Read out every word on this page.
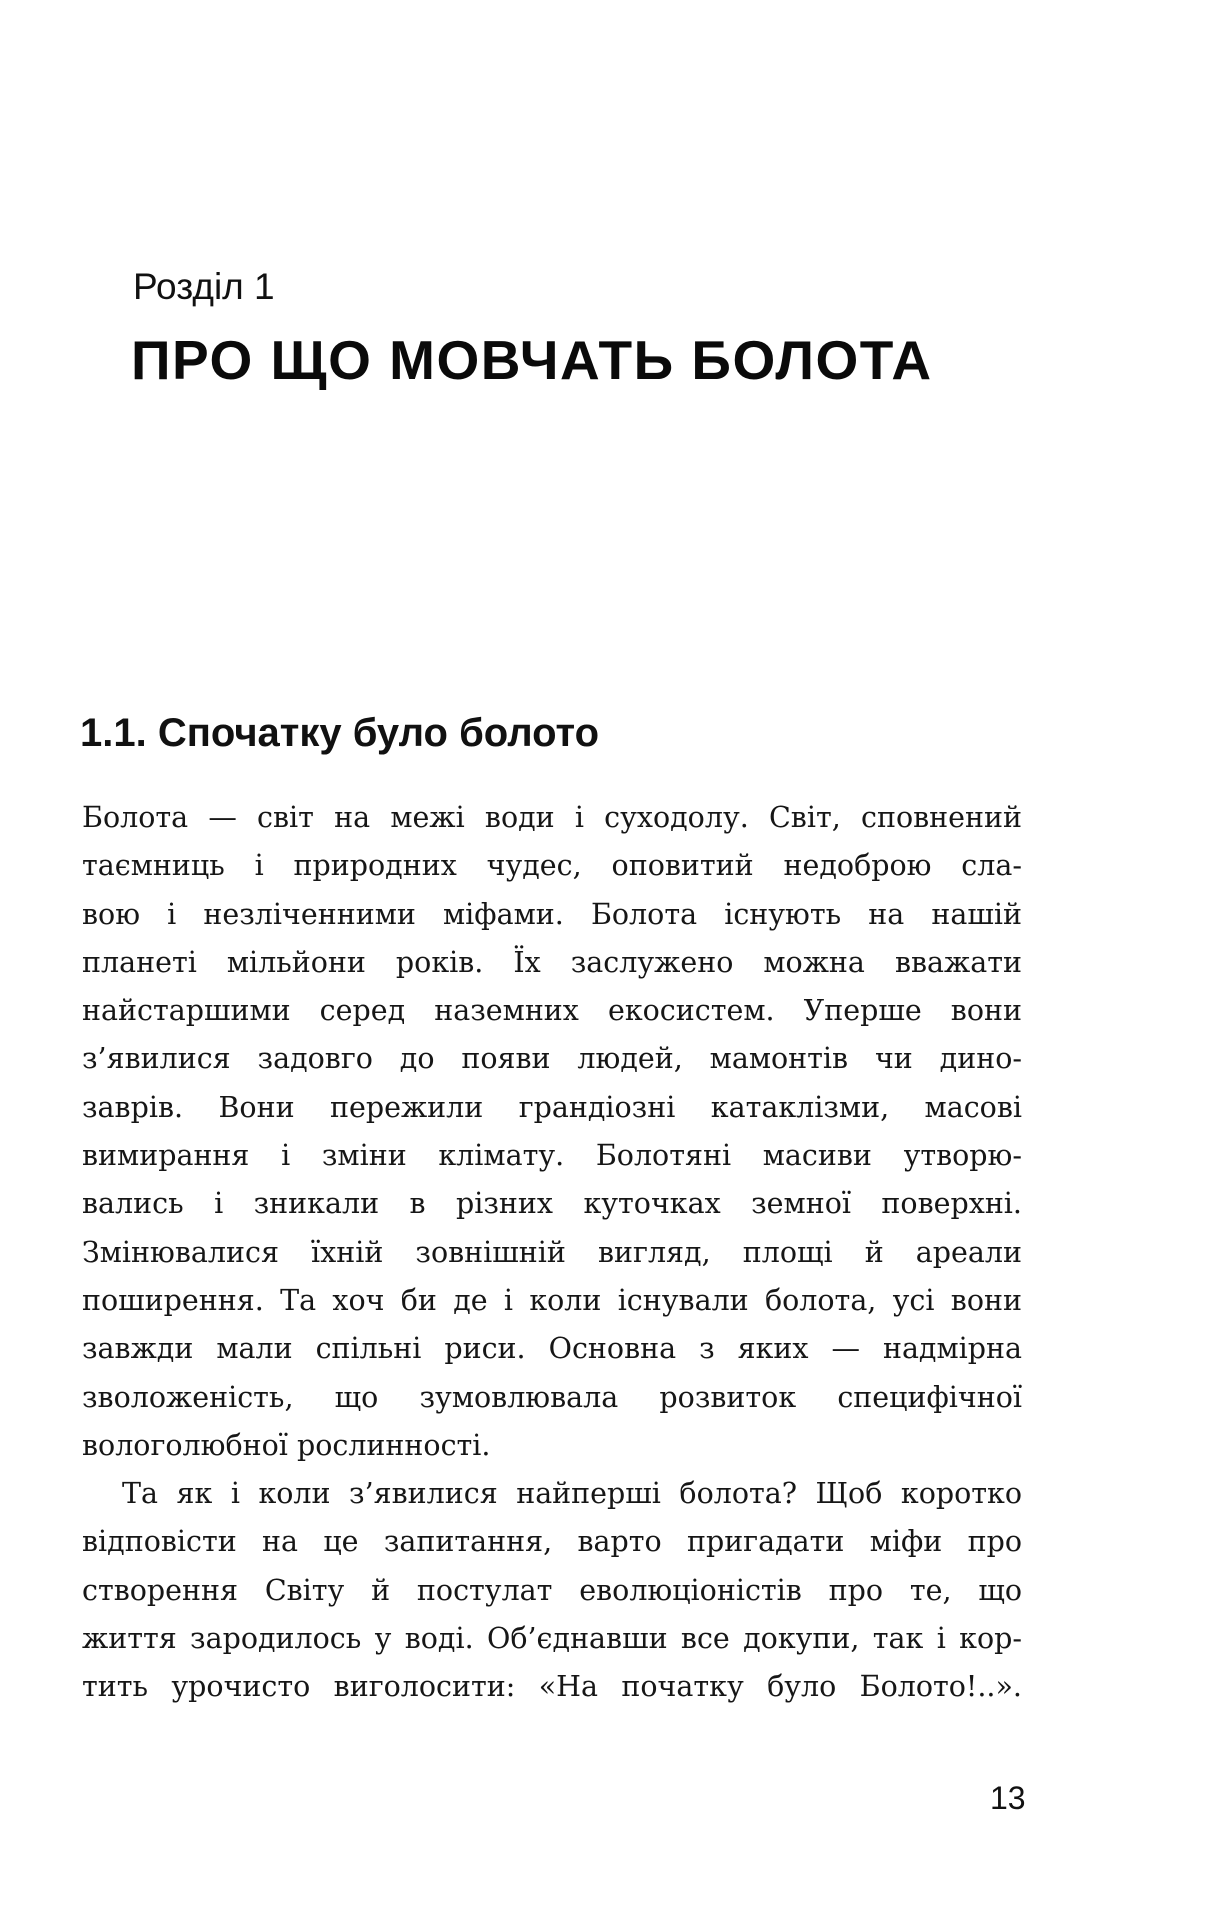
Розділ 1

ПРО ЩО МОВЧАТЬ БОЛОТА
1.1. Спочатку було болото
Болота — світ на межі води і суходолу. Світ, сповнений
таємниць і природних чудес, оповитий недоброю сла-
вою і незліченними міфами. Болота існують на нашій
планеті мільйони років. Їх заслужено можна вважати
найстаршими серед наземних екосистем. Уперше вони
з’явилися задовго до появи людей, мамонтів чи дино-
заврів. Вони пережили грандіозні катаклізми, масові
вимирання і зміни клімату. Болотяні масиви утворю-
вались і зникали в різних куточках земної поверхні.
Змінювалися їхній зовнішній вигляд, площі й ареали
поширення. Та хоч би де і коли існували болота, усі вони
завжди мали спільні риси. Основна з яких — надмірна
зволоженість, що зумовлювала розвиток специфічної
вологолюбної рослинності.
Та як і коли з’явилися найперші болота? Щоб коротко
відповісти на це запитання, варто пригадати міфи про
створення Світу й постулат еволюціоністів про те, що
життя зародилось у воді. Об’єднавши все докупи, так і кор-
тить урочисто виголосити: «На початку було Болото!..».

13
